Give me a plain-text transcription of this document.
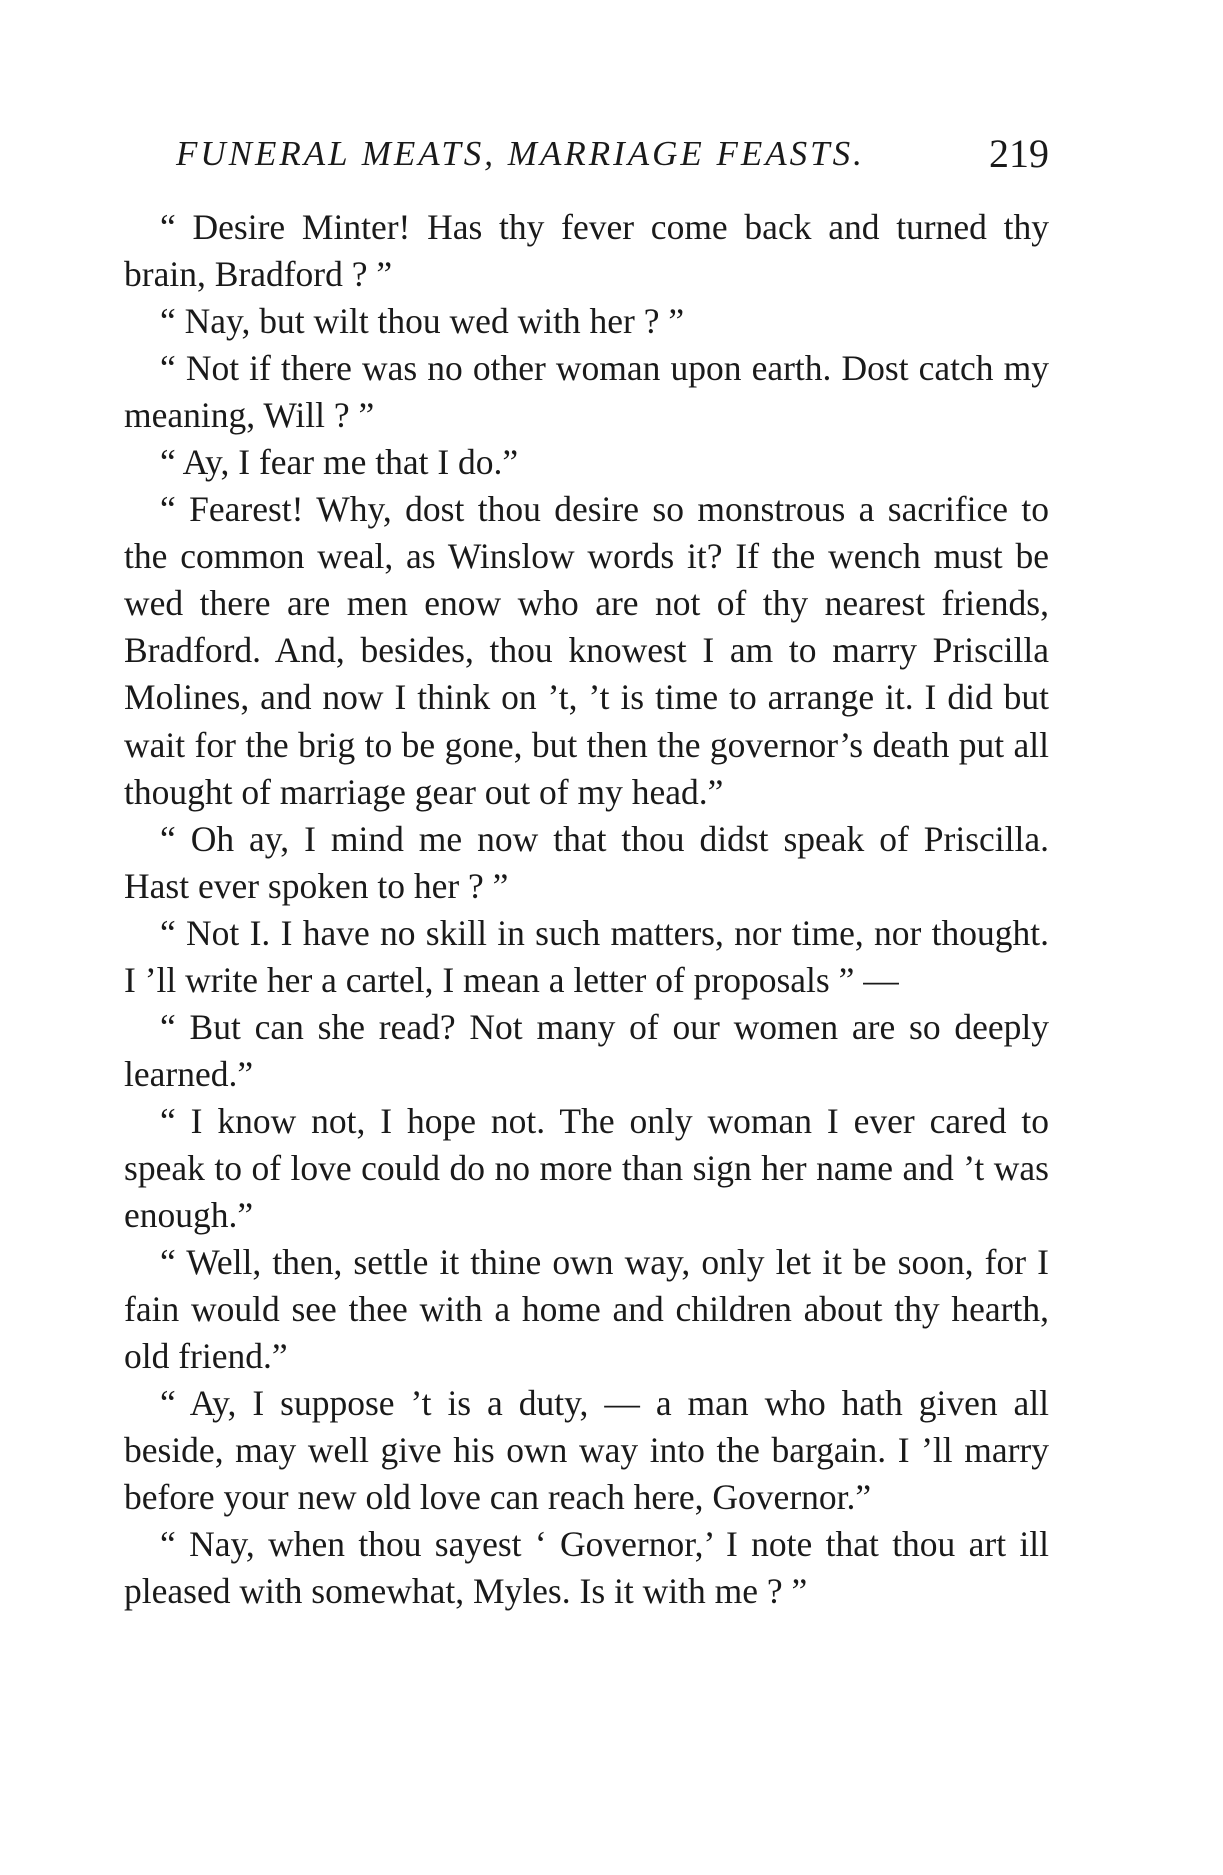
FUNERAL MEATS, MARRIAGE FEASTS.	219

“ Desire Minter! Has thy fever come back and turned thy brain, Bradford ? ”

“ Nay, but wilt thou wed with her ? ”

“ Not if there was no other woman upon earth. Dost catch my meaning, Will ? ”

“ Ay, I fear me that I do.”

“ Fearest! Why, dost thou desire so monstrous a sacrifice to the common weal, as Winslow words it? If the wench must be wed there are men enow who are not of thy nearest friends, Bradford. And, besides, thou knowest I am to marry Priscilla Molines, and now I think on ’t, ’t is time to arrange it. I did but wait for the brig to be gone, but then the governor’s death put all thought of marriage gear out of my head.”

“ Oh ay, I mind me now that thou didst speak of Priscilla. Hast ever spoken to her ? ”

“ Not I. I have no skill in such matters, nor time, nor thought. I ’ll write her a cartel, I mean a letter of proposals ” —

“ But can she read? Not many of our women are so deeply learned.”

“ I know not, I hope not. The only woman I ever cared to speak to of love could do no more than sign her name and ’t was enough.”

“ Well, then, settle it thine own way, only let it be soon, for I fain would see thee with a home and children about thy hearth, old friend.”

“ Ay, I suppose ’t is a duty, — a man who hath given all beside, may well give his own way into the bargain. I ’ll marry before your new old love can reach here, Governor.”

“ Nay, when thou sayest ‘ Governor,’ I note that thou art ill pleased with somewhat, Myles. Is it with me ? ”
